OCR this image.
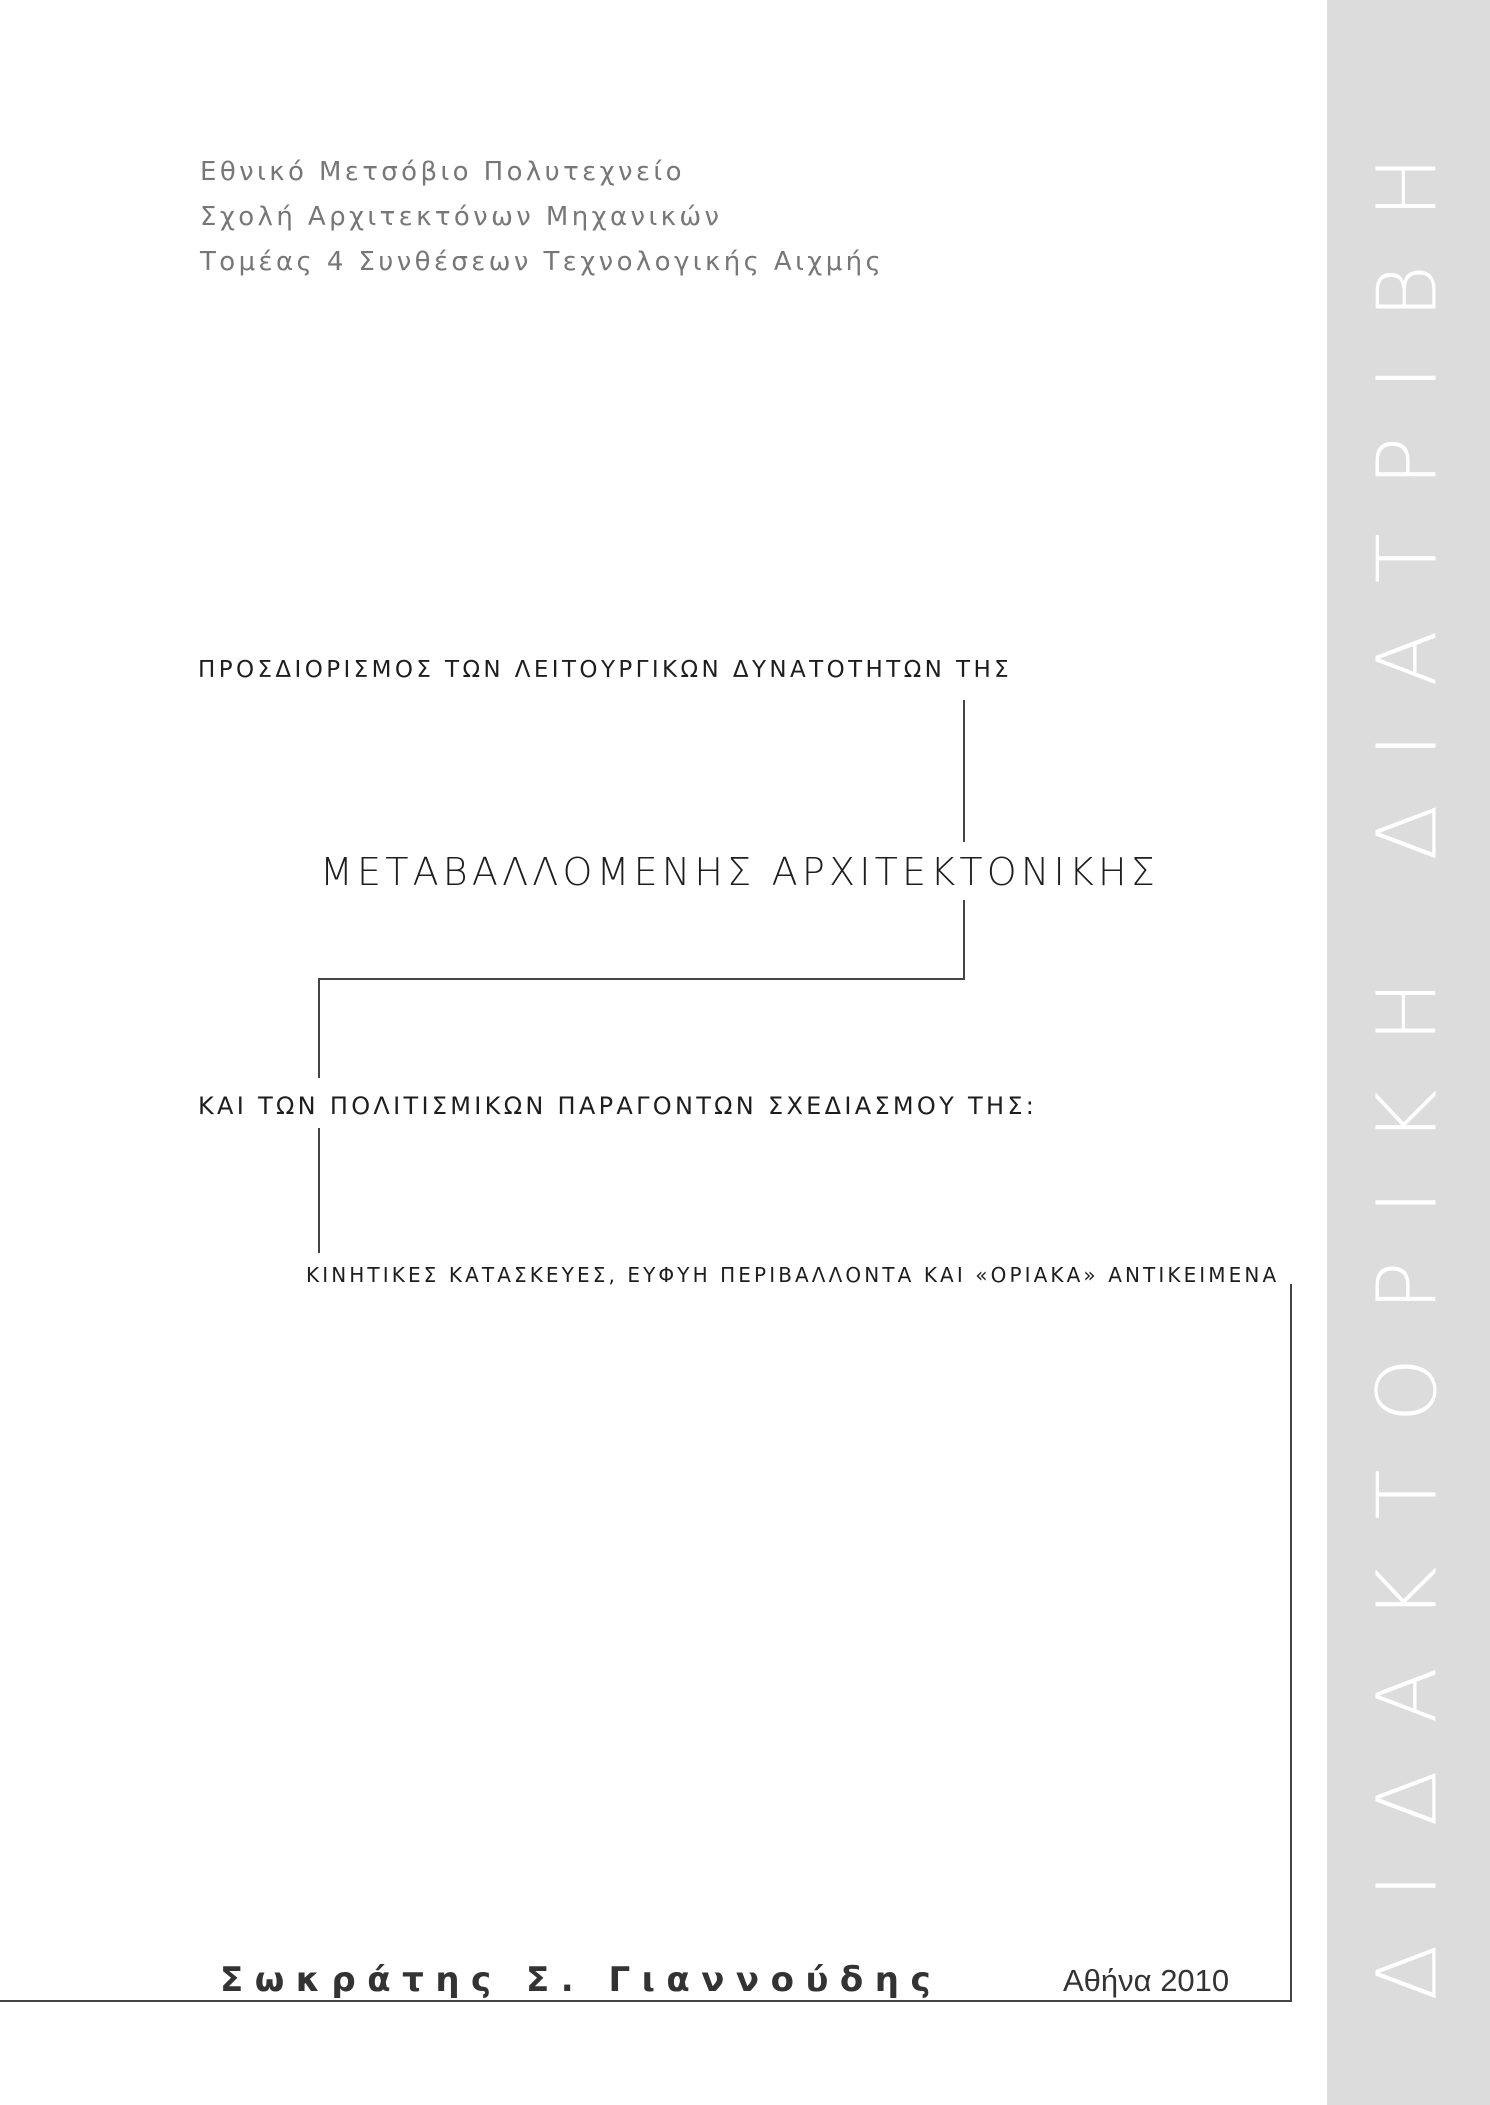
ΔΙΔΑΚΤΟΡΙΚΗ ΔΙΑΤΡΙΒΗ
Εθνικό Μετσόβιο Πολυτεχνείο
Σχολή Αρχιτεκτόνων Μηχανικών
Τομέας 4 Συνθέσεων Τεχνολογικής Αιχμής
ΠΡΟΣΔΙΟΡΙΣΜΟΣ ΤΩΝ ΛΕΙΤΟΥΡΓΙΚΩΝ ΔΥΝΑΤΟΤΗΤΩΝ ΤΗΣ
ΜΕΤΑΒΑΛΛΟΜΕΝΗΣ ΑΡΧΙΤΕΚΤΟΝΙΚΗΣ
ΚΑΙ ΤΩΝ ΠΟΛΙΤΙΣΜΙΚΩΝ ΠΑΡΑΓΟΝΤΩΝ ΣΧΕΔΙΑΣΜΟΥ ΤΗΣ:
ΚΙΝΗΤΙΚΕΣ ΚΑΤΑΣΚΕΥΕΣ, ΕΥΦΥΗ ΠΕΡΙΒΑΛΛΟΝΤΑ ΚΑΙ «ΟΡΙΑΚΑ» ΑΝΤΙΚΕΙΜΕΝΑ
Σωκράτης Σ. Γιαννούδης	Αθήνα 2010
